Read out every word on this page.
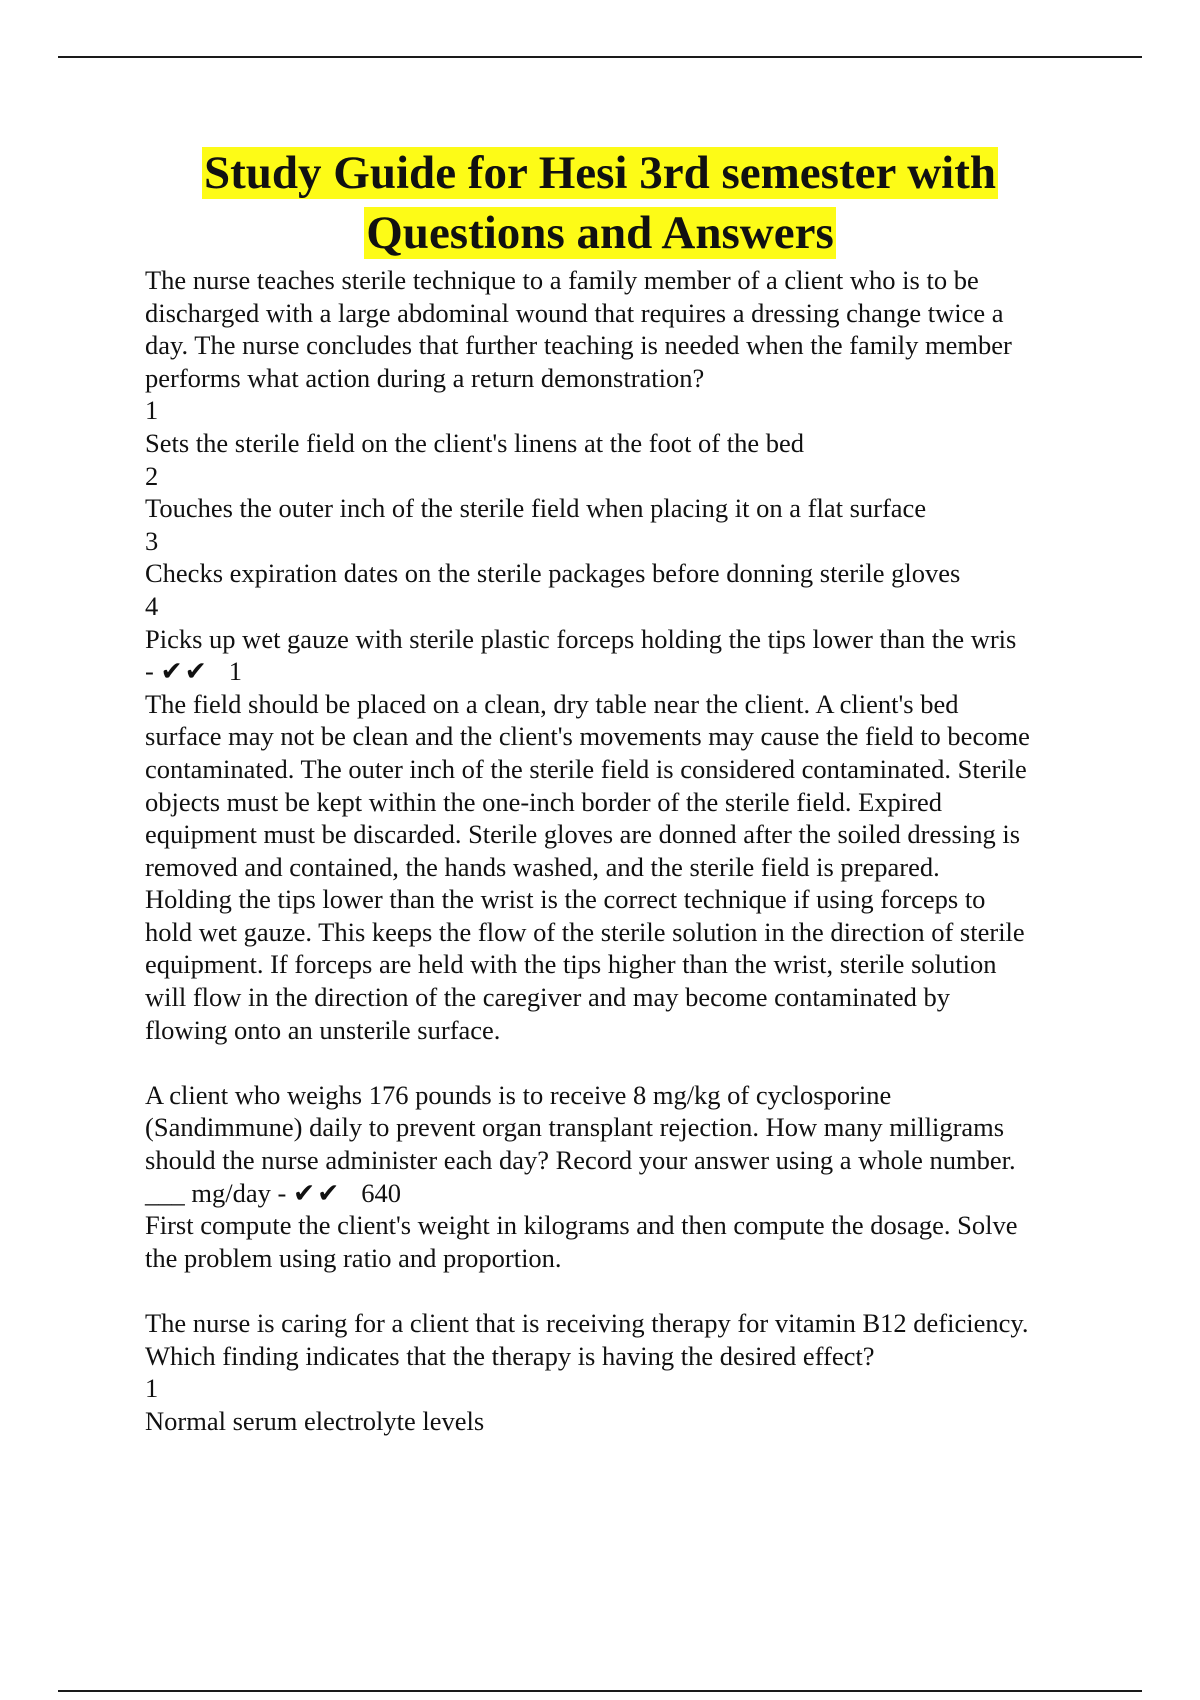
Study Guide for Hesi 3rd semester with
Questions and Answers
The nurse teaches sterile technique to a family member of a client who is to be
discharged with a large abdominal wound that requires a dressing change twice a
day. The nurse concludes that further teaching is needed when the family member
performs what action during a return demonstration?
1
Sets the sterile field on the client's linens at the foot of the bed
2
Touches the outer inch of the sterile field when placing it on a flat surface
3
Checks expiration dates on the sterile packages before donning sterile gloves
4
Picks up wet gauze with sterile plastic forceps holding the tips lower than the wris
- ✔✔ 1
The field should be placed on a clean, dry table near the client. A client's bed
surface may not be clean and the client's movements may cause the field to become
contaminated. The outer inch of the sterile field is considered contaminated. Sterile
objects must be kept within the one-inch border of the sterile field. Expired
equipment must be discarded. Sterile gloves are donned after the soiled dressing is
removed and contained, the hands washed, and the sterile field is prepared.
Holding the tips lower than the wrist is the correct technique if using forceps to
hold wet gauze. This keeps the flow of the sterile solution in the direction of sterile
equipment. If forceps are held with the tips higher than the wrist, sterile solution
will flow in the direction of the caregiver and may become contaminated by
flowing onto an unsterile surface.
A client who weighs 176 pounds is to receive 8 mg/kg of cyclosporine
(Sandimmune) daily to prevent organ transplant rejection. How many milligrams
should the nurse administer each day? Record your answer using a whole number.
___ mg/day - ✔✔ 640
First compute the client's weight in kilograms and then compute the dosage. Solve
the problem using ratio and proportion.
The nurse is caring for a client that is receiving therapy for vitamin B12 deficiency.
Which finding indicates that the therapy is having the desired effect?
1
Normal serum electrolyte levels
